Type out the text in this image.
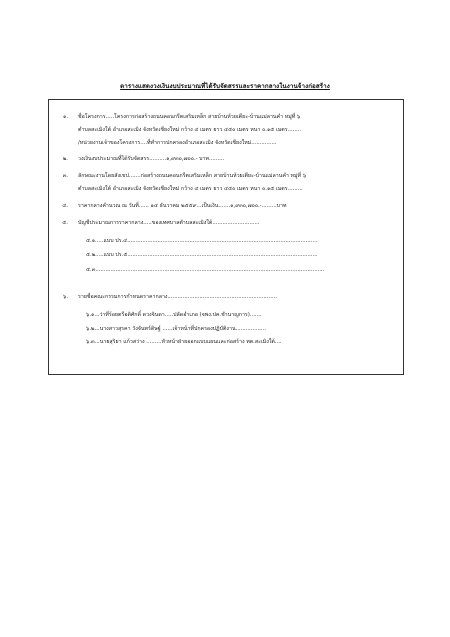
ตารางแสดงวงเงินงบประมาณที่ได้รับจัดสรรและราคากลางในงานจ้างก่อสร้าง
๑. ชื่อโครงการ.....โครงการก่อสร้างถนนคอนกรีตเสริมเหล็ก สายบ้านห้วยเตียะ-บ้านแม่ลานคำ หมู่ที่ ๖
ตำบลสะเมิงใต้ อำเภอสะเมิง จังหวัดเชียงใหม่ กว้าง ๔ เมตร ยาว ๔๕๐ เมตร หนา ๐.๑๕ เมตร........
/หน่วยงานเจ้าของโครงการ....ที่ทำการปกครองอำเภอสะเมิง จังหวัดเชียงใหม่...............
๒. วงเงินงบประมาณที่ได้รับจัดสรร..........๑,๙๓๐,๗๐๐.- บาท.........
๓. ลักษณะงานโดยสังเขป.......ก่อสร้างถนนคอนกรีตเสริมเหล็ก สายบ้านห้วยเตียะ-บ้านแม่ลานคำ หมู่ที่ ๖
ตำบลสะเมิงใต้ อำเภอสะเมิง จังหวัดเชียงใหม่ กว้าง ๔ เมตร ยาว ๔๕๐ เมตร หนา ๐.๑๕ เมตร.........
๔. ราคากลางคำนวณ ณ วันที่...... ๑๔ ธันวาคม ๒๕๕๙...เป็นเงิน.......๑,๙๓๐,๗๐๐.-.........บาท
๕. บัญชีประมาณการราคากลาง.....ของเทศบาลตำบลสะเมิงใต้............................
๕.๑.....แบบ ปร.๔.................................................................................................................
๕.๒.....แบบ ปร.๕.................................................................................................................
๕.๓........................................................................................................................................
๖. รายชื่อคณะกรรมการกำหนดราคากลาง.................................................................
๖.๑...ว่าที่ร้อยตรีอดิศักดิ์ ดวงจินดา.....ปลัดอำเภอ (จพง.ปค.ชำนาญการ).......
๖.๒...นางสาวสุรคา วังจันทร์ดิษฐ์ ......เจ้าหน้าที่ปกครองปฏิบัติงาน..................
๖.๓...นายสุริยา แก้วสว่าง .........หัวหน้าฝ่ายออกแบบแผนและก่อสร้าง ทต.สะเมิงใต้....
